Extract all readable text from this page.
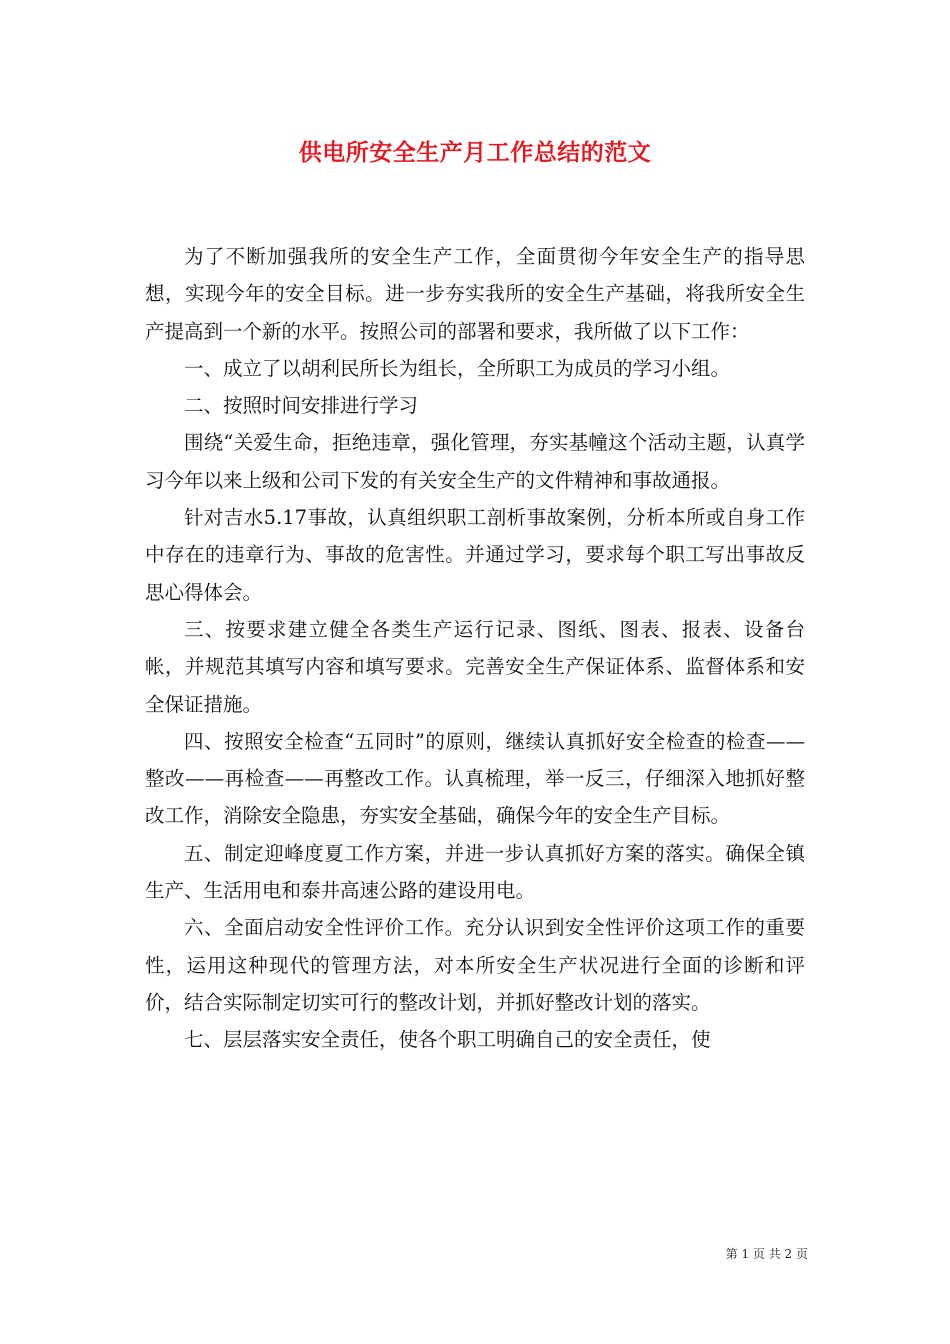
供电所安全生产月工作总结的范文

为了不断加强我所的安全生产工作，全面贯彻今年安全生产的指导思想，实现今年的安全目标。进一步夯实我所的安全生产基础，将我所安全生产提高到一个新的水平。按照公司的部署和要求，我所做了以下工作：

一、成立了以胡利民所长为组长，全所职工为成员的学习小组。

二、按照时间安排进行学习

围绕“关爱生命，拒绝违章，强化管理，夯实基幢这个活动主题，认真学习今年以来上级和公司下发的有关安全生产的文件精神和事故通报。

针对吉水5.17事故，认真组织职工剖析事故案例，分析本所或自身工作中存在的违章行为、事故的危害性。并通过学习，要求每个职工写出事故反思心得体会。

三、按要求建立健全各类生产运行记录、图纸、图表、报表、设备台帐，并规范其填写内容和填写要求。完善安全生产保证体系、监督体系和安全保证措施。

四、按照安全检查“五同时”的原则，继续认真抓好安全检查的检查——整改——再检查——再整改工作。认真梳理，举一反三，仔细深入地抓好整改工作，消除安全隐患，夯实安全基础，确保今年的安全生产目标。

五、制定迎峰度夏工作方案，并进一步认真抓好方案的落实。确保全镇生产、生活用电和泰井高速公路的建设用电。

六、全面启动安全性评价工作。充分认识到安全性评价这项工作的重要性，运用这种现代的管理方法，对本所安全生产状况进行全面的诊断和评价，结合实际制定切实可行的整改计划，并抓好整改计划的落实。

七、层层落实安全责任，使各个职工明确自己的安全责任，使

第 1 页 共 2 页
